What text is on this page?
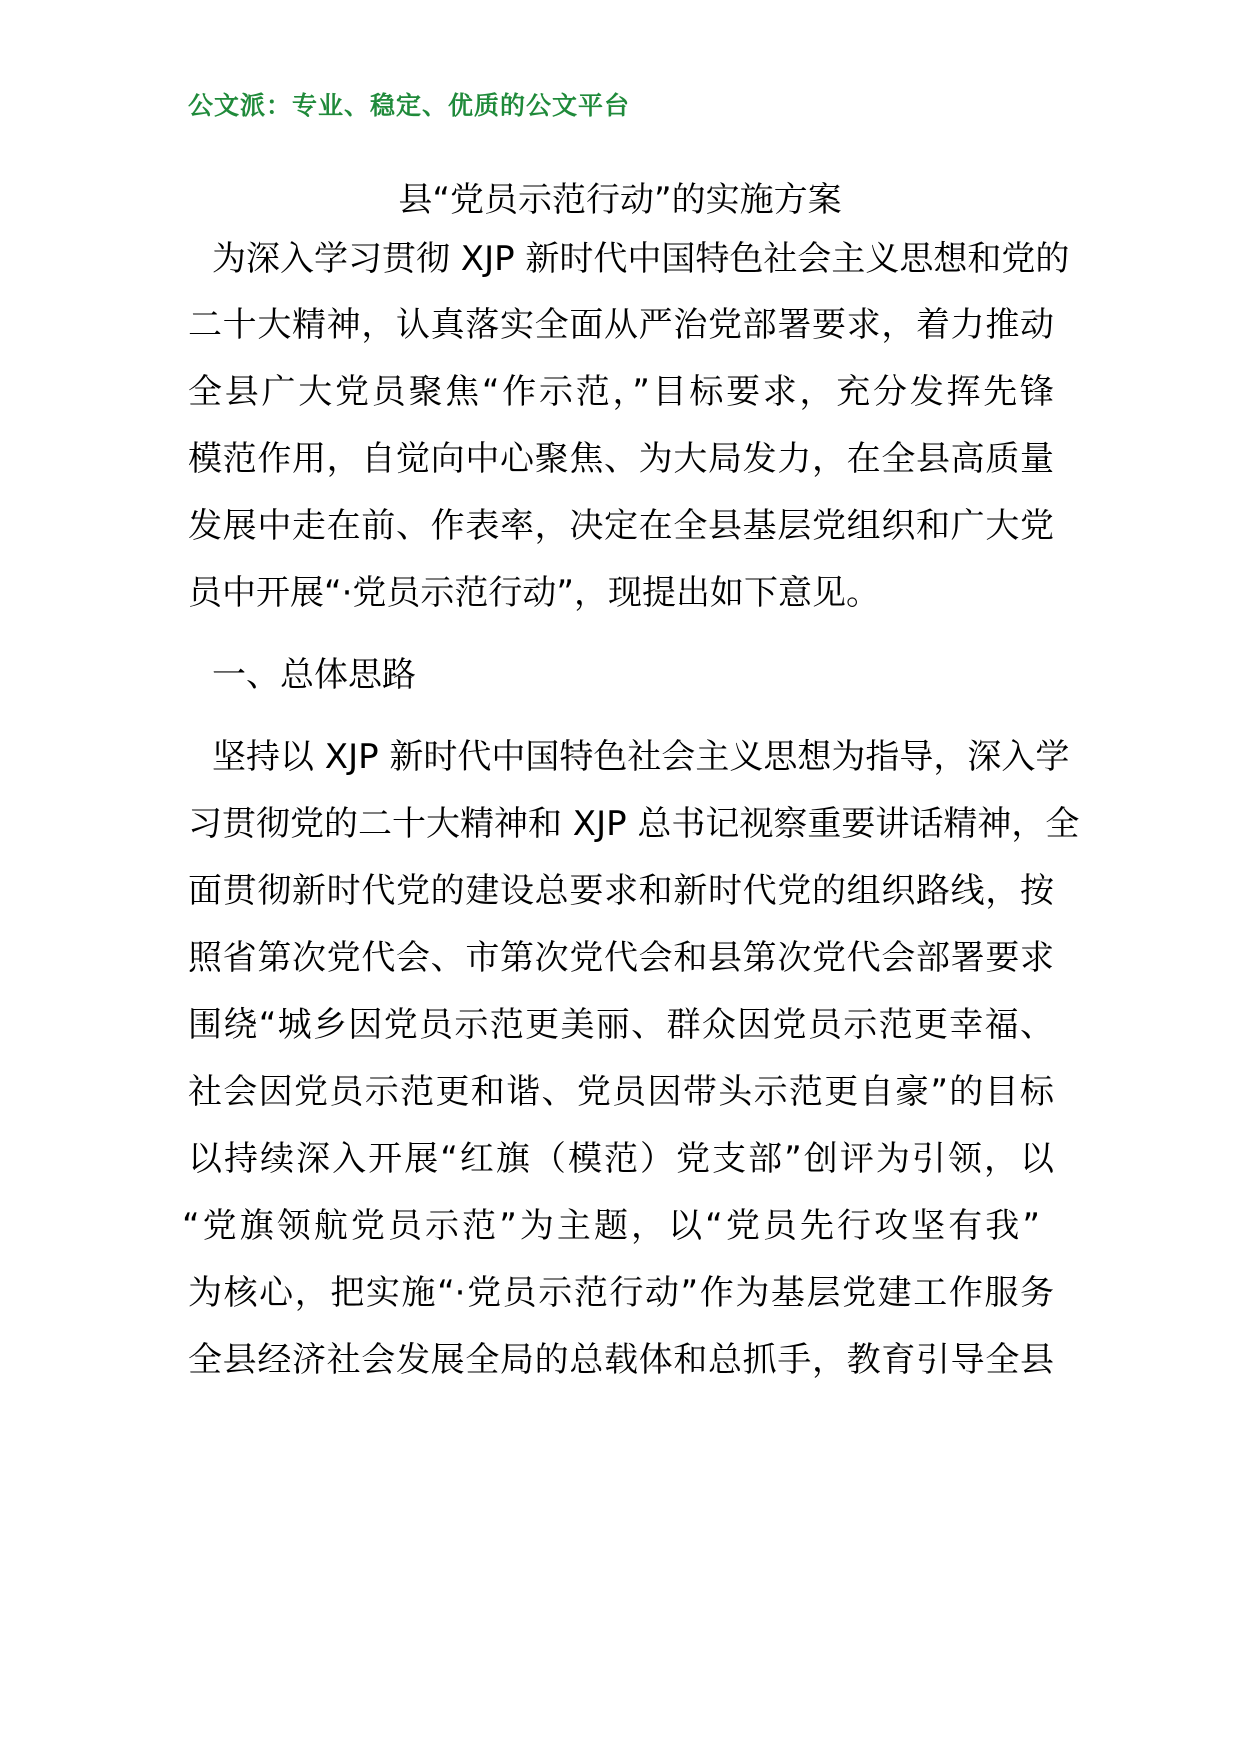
公文派：专业、稳定、优质的公文平台
县“党员示范行动”的实施方案
为深入学习贯彻 XJP 新时代中国特色社会主义思想和党的
二十大精神，认真落实全面从严治党部署要求，着力推动
全县广大党员聚焦“作示范，”目标要求，充分发挥先锋
模范作用，自觉向中心聚焦、为大局发力，在全县高质量
发展中走在前、作表率，决定在全县基层党组织和广大党
员中开展“·党员示范行动”，现提出如下意见。
一、总体思路
坚持以 XJP 新时代中国特色社会主义思想为指导，深入学
习贯彻党的二十大精神和 XJP 总书记视察重要讲话精神，全
面贯彻新时代党的建设总要求和新时代党的组织路线，按
照省第次党代会、市第次党代会和县第次党代会部署要求
围绕“城乡因党员示范更美丽、群众因党员示范更幸福、
社会因党员示范更和谐、党员因带头示范更自豪”的目标
以持续深入开展“红旗（模范）党支部”创评为引领，以
“党旗领航党员示范”为主题，以“党员先行攻坚有我”
为核心，把实施“·党员示范行动”作为基层党建工作服务
全县经济社会发展全局的总载体和总抓手，教育引导全县
